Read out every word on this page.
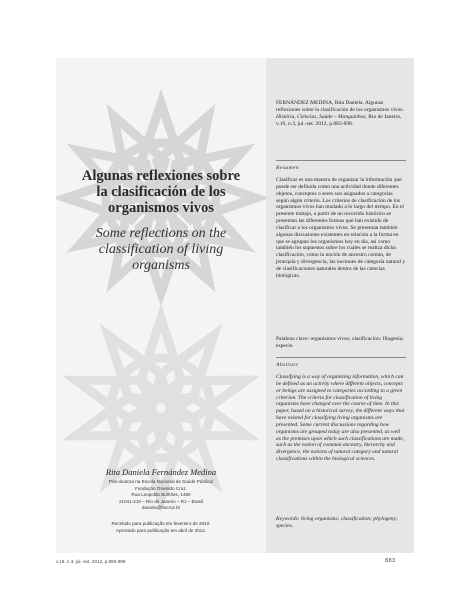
Algunas reflexiones sobre
la clasificación de los
organismos vivos
Some reflections on the
classification of living
organisms
Rita Daniela Fernández Medina
Pós-doutora na Escola Nacional de Saúde Pública/
Fundação Oswaldo Cruz.
Rua Leopoldo Bulhões, 1480
21041-210 – Rio de Janeiro – RJ – Brasil
daniela@fiocruz.br
Recebido para publicação em fevereiro de 2010.
Aprovado para publicação em abril de 2012.
FERNÁNDEZ MEDINA, Rita Daniela. Algunas reflexiones sobre la clasificación de los organismos vivos. História, Ciências, Saúde – Manguinhos, Rio de Janeiro, v.19, n.3, jul.-set. 2012, p.883-898.
Resumen
Clasificar es una manera de organizar la información que puede ser definida como una actividad donde diferentes objetos, conceptos o seres son asignados a categorías según algún criterio. Los criterios de clasificación de los organismos vivos han mudado a lo largo del tiempo. En el presente trabajo, a partir de un recorrido histórico se presentan las diferentes formas que han existido de clasificar a los organismos vivos. Se presentan también algunas discusiones existentes en relación a la forma en que se agrupan los organismos hoy en día, así como también los supuestos sobre los cuales se realiza dicha clasificación, como la noción de ancestro común, de jerarquía y divergencia, las nociones de categoría natural y de clasificaciones naturales dentro de las ciencias biológicas.
Palabras clave: organismos vivos; clasificación; filogenia; especie.
Abstract
Classifying is a way of organizing information, which can be defined as an activity where different objects, concepts or beings are assigned to categories according to a given criterion. The criteria for classification of living organisms have changed over the course of time. In this paper, based on a historical survey, the different ways that have existed for classifying living organisms are presented. Some current discussions regarding how organisms are grouped today are also presented, as well as the premises upon which such classifications are made, such as the notion of common ancestry, hierarchy and divergence, the notions of natural category and natural classifications within the biological sciences.
Keywords: living organisms; classification; phylogeny; species.
v.19, n.3, jul.-set. 2012, p.883-898	883
